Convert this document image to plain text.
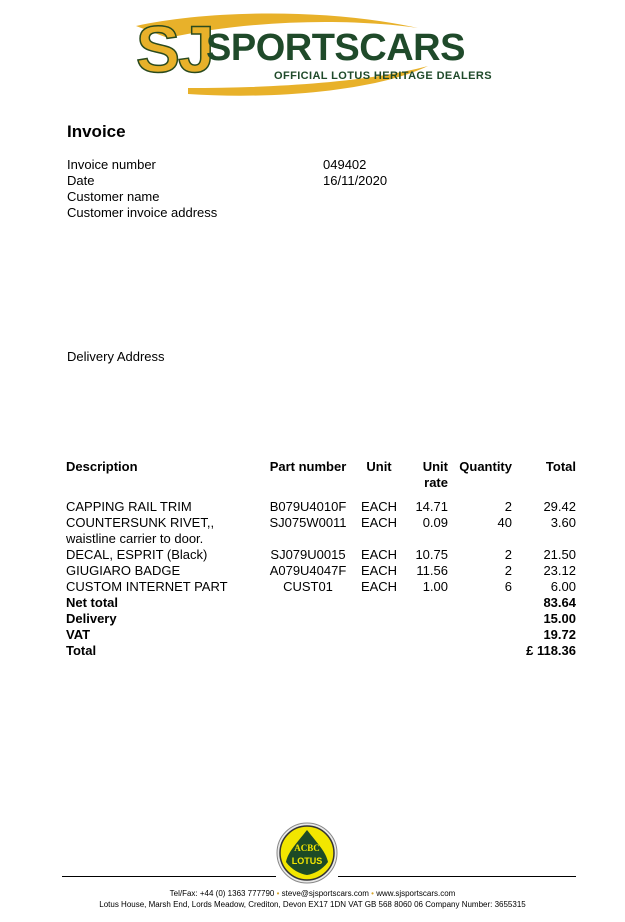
SJ
SPORTSCARS
OFFICIAL LOTUS HERITAGE DEALERS
Invoice
Invoice number	049402
Date	16/11/2020
Customer name
Customer invoice address
Delivery Address
Description	Part number	Unit	Unit rate	Quantity	Total
CAPPING RAIL TRIM	B079U4010F	EACH	14.71	2	29.42
COUNTERSUNK RIVET,, waistline carrier to door.	SJ075W0011	EACH	0.09	40	3.60
DECAL, ESPRIT (Black)	SJ079U0015	EACH	10.75	2	21.50
GIUGIARO BADGE	A079U4047F	EACH	11.56	2	23.12
CUSTOM INTERNET PART	CUST01	EACH	1.00	6	6.00
Net total					83.64
Delivery					15.00
VAT					19.72
Total					£ 118.36
ACBC
LOTUS
Tel/Fax: +44 (0) 1363 777790 • steve@sjsportscars.com • www.sjsportscars.com
Lotus House, Marsh End, Lords Meadow, Crediton, Devon EX17 1DN VAT GB 568 8060 06 Company Number: 3655315
